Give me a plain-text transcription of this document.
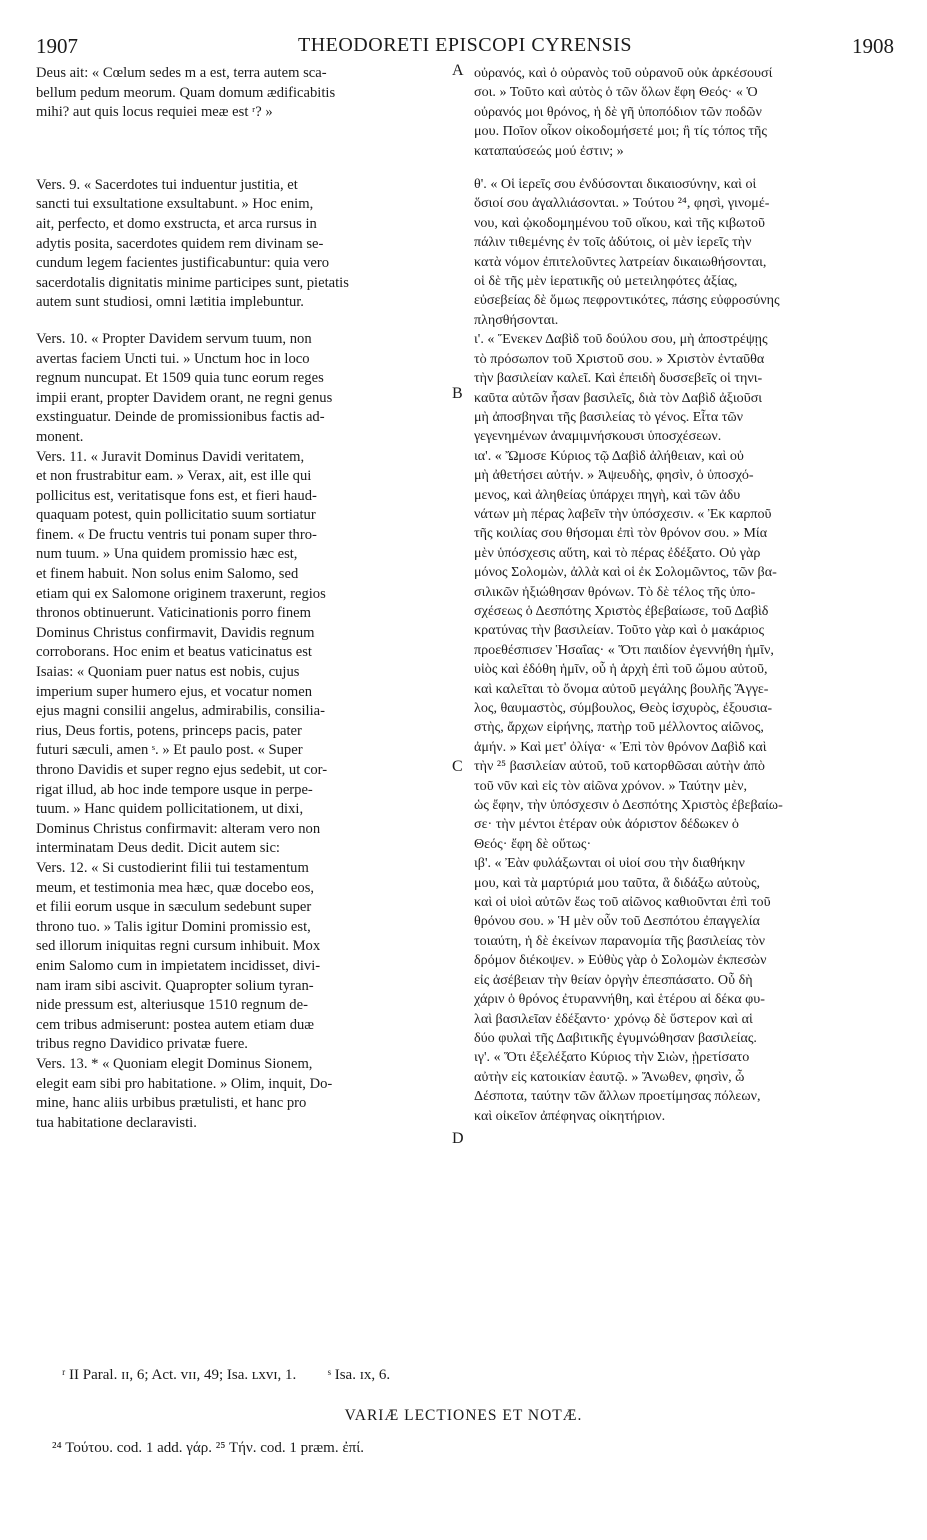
1907	THEODORETI EPISCOPI CYRENSIS	1908

Deus ait: « Cœlum sedes m a est, terra autem sca-

bellum pedum meorum. Quam domum ædificabitis

mihi? aut quis locus requiei meæ est ʳ? »

Vers. 9. « Sacerdotes tui induentur justitia, et

sancti tui exsultatione exsultabunt. » Hoc enim,

ait, perfecto, et domo exstructa, et arca rursus in

adytis posita, sacerdotes quidem rem divinam se-

cundum legem facientes justificabuntur: quia vero

sacerdotalis dignitatis minime participes sunt, pietatis

autem sunt studiosi, omni lætitia implebuntur.

Vers. 10. « Propter Davidem servum tuum, non

avertas faciem Uncti tui. » Unctum hoc in loco

regnum nuncupat. Et 1509 quia tunc eorum reges

impii erant, propter Davidem orant, ne regni genus

exstinguatur. Deinde de promissionibus factis ad-

monent.

Vers. 11. « Juravit Dominus Davidi veritatem,

et non frustrabitur eam. » Verax, ait, est ille qui

pollicitus est, veritatisque fons est, et fieri haud-

quaquam potest, quin pollicitatio suum sortiatur

finem. « De fructu ventris tui ponam super thro-

num tuum. » Una quidem promissio hæc est,

et finem habuit. Non solus enim Salomo, sed

etiam qui ex Salomone originem traxerunt, regios

thronos obtinuerunt. Vaticinationis porro finem

Dominus Christus confirmavit, Davidis regnum

corroborans. Hoc enim et beatus vaticinatus est

Isaias: « Quoniam puer natus est nobis, cujus

imperium super humero ejus, et vocatur nomen

ejus magni consilii angelus, admirabilis, consilia-

rius, Deus fortis, potens, princeps pacis, pater

futuri sæculi, amen ˢ. » Et paulo post. « Super

throno Davidis et super regno ejus sedebit, ut cor-

rigat illud, ab hoc inde tempore usque in perpe-

tuum. » Hanc quidem pollicitationem, ut dixi,

Dominus Christus confirmavit: alteram vero non

interminatam Deus dedit. Dicit autem sic:

Vers. 12. « Si custodierint filii tui testamentum

meum, et testimonia mea hæc, quæ docebo eos,

et filii eorum usque in sæculum sedebunt super

throno tuo. » Talis igitur Domini promissio est,

sed illorum iniquitas regni cursum inhibuit. Mox

enim Salomo cum in impietatem incidisset, divi-

nam iram sibi ascivit. Quapropter solium tyran-

nide pressum est, alteriusque 1510 regnum de-

cem tribus admiserunt: postea autem etiam duæ

tribus regno Davidico privatæ fuere.

Vers. 13. * « Quoniam elegit Dominus Sionem,

elegit eam sibi pro habitatione. » Olim, inquit, Do-

mine, hanc aliis urbibus prætulisti, et hanc pro

tua habitatione declaravisti.

οὐρανός, καὶ ὁ οὐρανὸς τοῦ οὐρανοῦ οὐκ ἀρκέσουσί

σοι. » Τοῦτο καὶ αὐτὸς ὁ τῶν ὅλων ἔφη Θεός· « Ὁ

οὐρανός μοι θρόνος, ἡ δὲ γῆ ὑποπόδιον τῶν ποδῶν

μου. Ποῖον οἶκον οἰκοδομήσετέ μοι; ἢ τίς τόπος τῆς

καταπαύσεώς μού ἐστιν; »

θ'. « Οἱ ἱερεῖς σου ἐνδύσονται δικαιοσύνην, καὶ οἱ

ὅσιοί σου ἀγαλλιάσονται. » Τούτου ²⁴, φησὶ, γινομέ-

νου, καὶ ᾠκοδομημένου τοῦ οἴκου, καὶ τῆς κιβωτοῦ

πάλιν τιθεμένης ἐν τοῖς ἀδύτοις, οἱ μὲν ἱερεῖς τὴν

κατὰ νόμον ἐπιτελοῦντες λατρείαν δικαιωθήσονται,

οἱ δὲ τῆς μὲν ἱερατικῆς οὐ μετειληφότες ἀξίας,

εὐσεβείας δὲ ὅμως πεφροντικότες, πάσης εὐφροσύνης

πλησθήσονται.

ι'. « Ἕνεκεν Δαβὶδ τοῦ δούλου σου, μὴ ἀποστρέψῃς

τὸ πρόσωπον τοῦ Χριστοῦ σου. » Χριστὸν ἐνταῦθα

τὴν βασιλείαν καλεῖ. Καὶ ἐπειδὴ δυσσεβεῖς οἱ τηνι-

καῦτα αὐτῶν ἦσαν βασιλεῖς, διὰ τὸν Δαβὶδ ἀξιοῦσι

μὴ ἀποσβηναι τῆς βασιλείας τὸ γένος. Εἶτα τῶν

γεγενημένων ἀναμιμνήσκουσι ὑποσχέσεων.

ια'. « Ὤμοσε Κύριος τῷ Δαβὶδ ἀλήθειαν, καὶ οὐ

μὴ ἀθετήσει αὐτήν. » Ἀψευδὴς, φησὶν, ὁ ὑποσχό-

μενος, καὶ ἀληθείας ὑπάρχει πηγὴ, καὶ τῶν ἀδυ

νάτων μὴ πέρας λαβεῖν τὴν ὑπόσχεσιν. « Ἐκ καρποῦ

τῆς κοιλίας σου θήσομαι ἐπὶ τὸν θρόνον σου. » Μία

μὲν ὑπόσχεσις αὕτη, καὶ τὸ πέρας ἐδέξατο. Οὐ γὰρ

μόνος Σολομὼν, ἀλλὰ καὶ οἱ ἐκ Σολομῶντος, τῶν βα-

σιλικῶν ἠξιώθησαν θρόνων. Τὸ δὲ τέλος τῆς ὑπο-

σχέσεως ὁ Δεσπότης Χριστὸς ἐβεβαίωσε, τοῦ Δαβὶδ

κρατύνας τὴν βασιλείαν. Τοῦτο γὰρ καὶ ὁ μακάριος

προεθέσπισεν Ἡσαΐας· « Ὅτι παιδίον ἐγεννήθη ἡμῖν,

υἱὸς καὶ ἐδόθη ἡμῖν, οὗ ἡ ἀρχὴ ἐπὶ τοῦ ὤμου αὐτοῦ,

καὶ καλεῖται τὸ ὄνομα αὐτοῦ μεγάλης βουλῆς Ἄγγε-

λος, θαυμαστὸς, σύμβουλος, Θεὸς ἰσχυρὸς, ἐξουσια-

στὴς, ἄρχων εἰρήνης, πατὴρ τοῦ μέλλοντος αἰῶνος,

ἀμήν. » Καὶ μετ' ὀλίγα· « Ἐπὶ τὸν θρόνον Δαβὶδ καὶ

τὴν ²⁵ βασιλείαν αὐτοῦ, τοῦ κατορθῶσαι αὐτὴν ἀπὸ

τοῦ νῦν καὶ εἰς τὸν αἰῶνα χρόνον. » Ταύτην μὲν,

ὡς ἔφην, τὴν ὑπόσχεσιν ὁ Δεσπότης Χριστὸς ἐβεβαίω-

σε· τὴν μέντοι ἑτέραν οὐκ ἀόριστον δέδωκεν ὁ

Θεός· ἔφη δὲ οὕτως·

ιβ'. « Ἐὰν φυλάξωνται οἱ υἱοί σου τὴν διαθήκην

μου, καὶ τὰ μαρτύριά μου ταῦτα, ἃ διδάξω αὐτοὺς,

καὶ οἱ υἱοὶ αὐτῶν ἕως τοῦ αἰῶνος καθιοῦνται ἐπὶ τοῦ

θρόνου σου. » Ἡ μὲν οὖν τοῦ Δεσπότου ἐπαγγελία

τοιαύτη, ἡ δὲ ἐκείνων παρανομία τῆς βασιλείας τὸν

δρόμον διέκοψεν. » Εὐθὺς γὰρ ὁ Σολομὼν ἐκπεσὼν

εἰς ἀσέβειαν τὴν θείαν ὀργὴν ἐπεσπάσατο. Οὗ δὴ

χάριν ὁ θρόνος ἐτυραννήθη, καὶ ἑτέρου αἱ δέκα φυ-

λαὶ βασιλεῖαν ἐδέξαντο· χρόνῳ δὲ ὕστερον καὶ αἱ

δύο φυλαὶ τῆς Δαβιτικῆς ἐγυμνώθησαν βασιλείας.

ιγ'. « Ὅτι ἐξελέξατο Κύριος τὴν Σιὼν, ᾑρετίσατο

αὐτὴν εἰς κατοικίαν ἑαυτῷ. » Ἄνωθεν, φησὶν, ὦ

Δέσποτα, ταύτην τῶν ἄλλων προετίμησας πόλεων,

καὶ οἰκεῖον ἀπέφηνας οἰκητήριον.

A
B
C
D
ʳ II Paral. ɪɪ, 6; Act. ᴠɪɪ, 49; Isa. ʟxᴠɪ, 1. ˢ Isa. ɪx, 6.
VARIÆ LECTIONES ET NOTÆ.
²⁴ Τούτου. cod. 1 add. γάρ. ²⁵ Τήν. cod. 1 præm. ἐπί.
